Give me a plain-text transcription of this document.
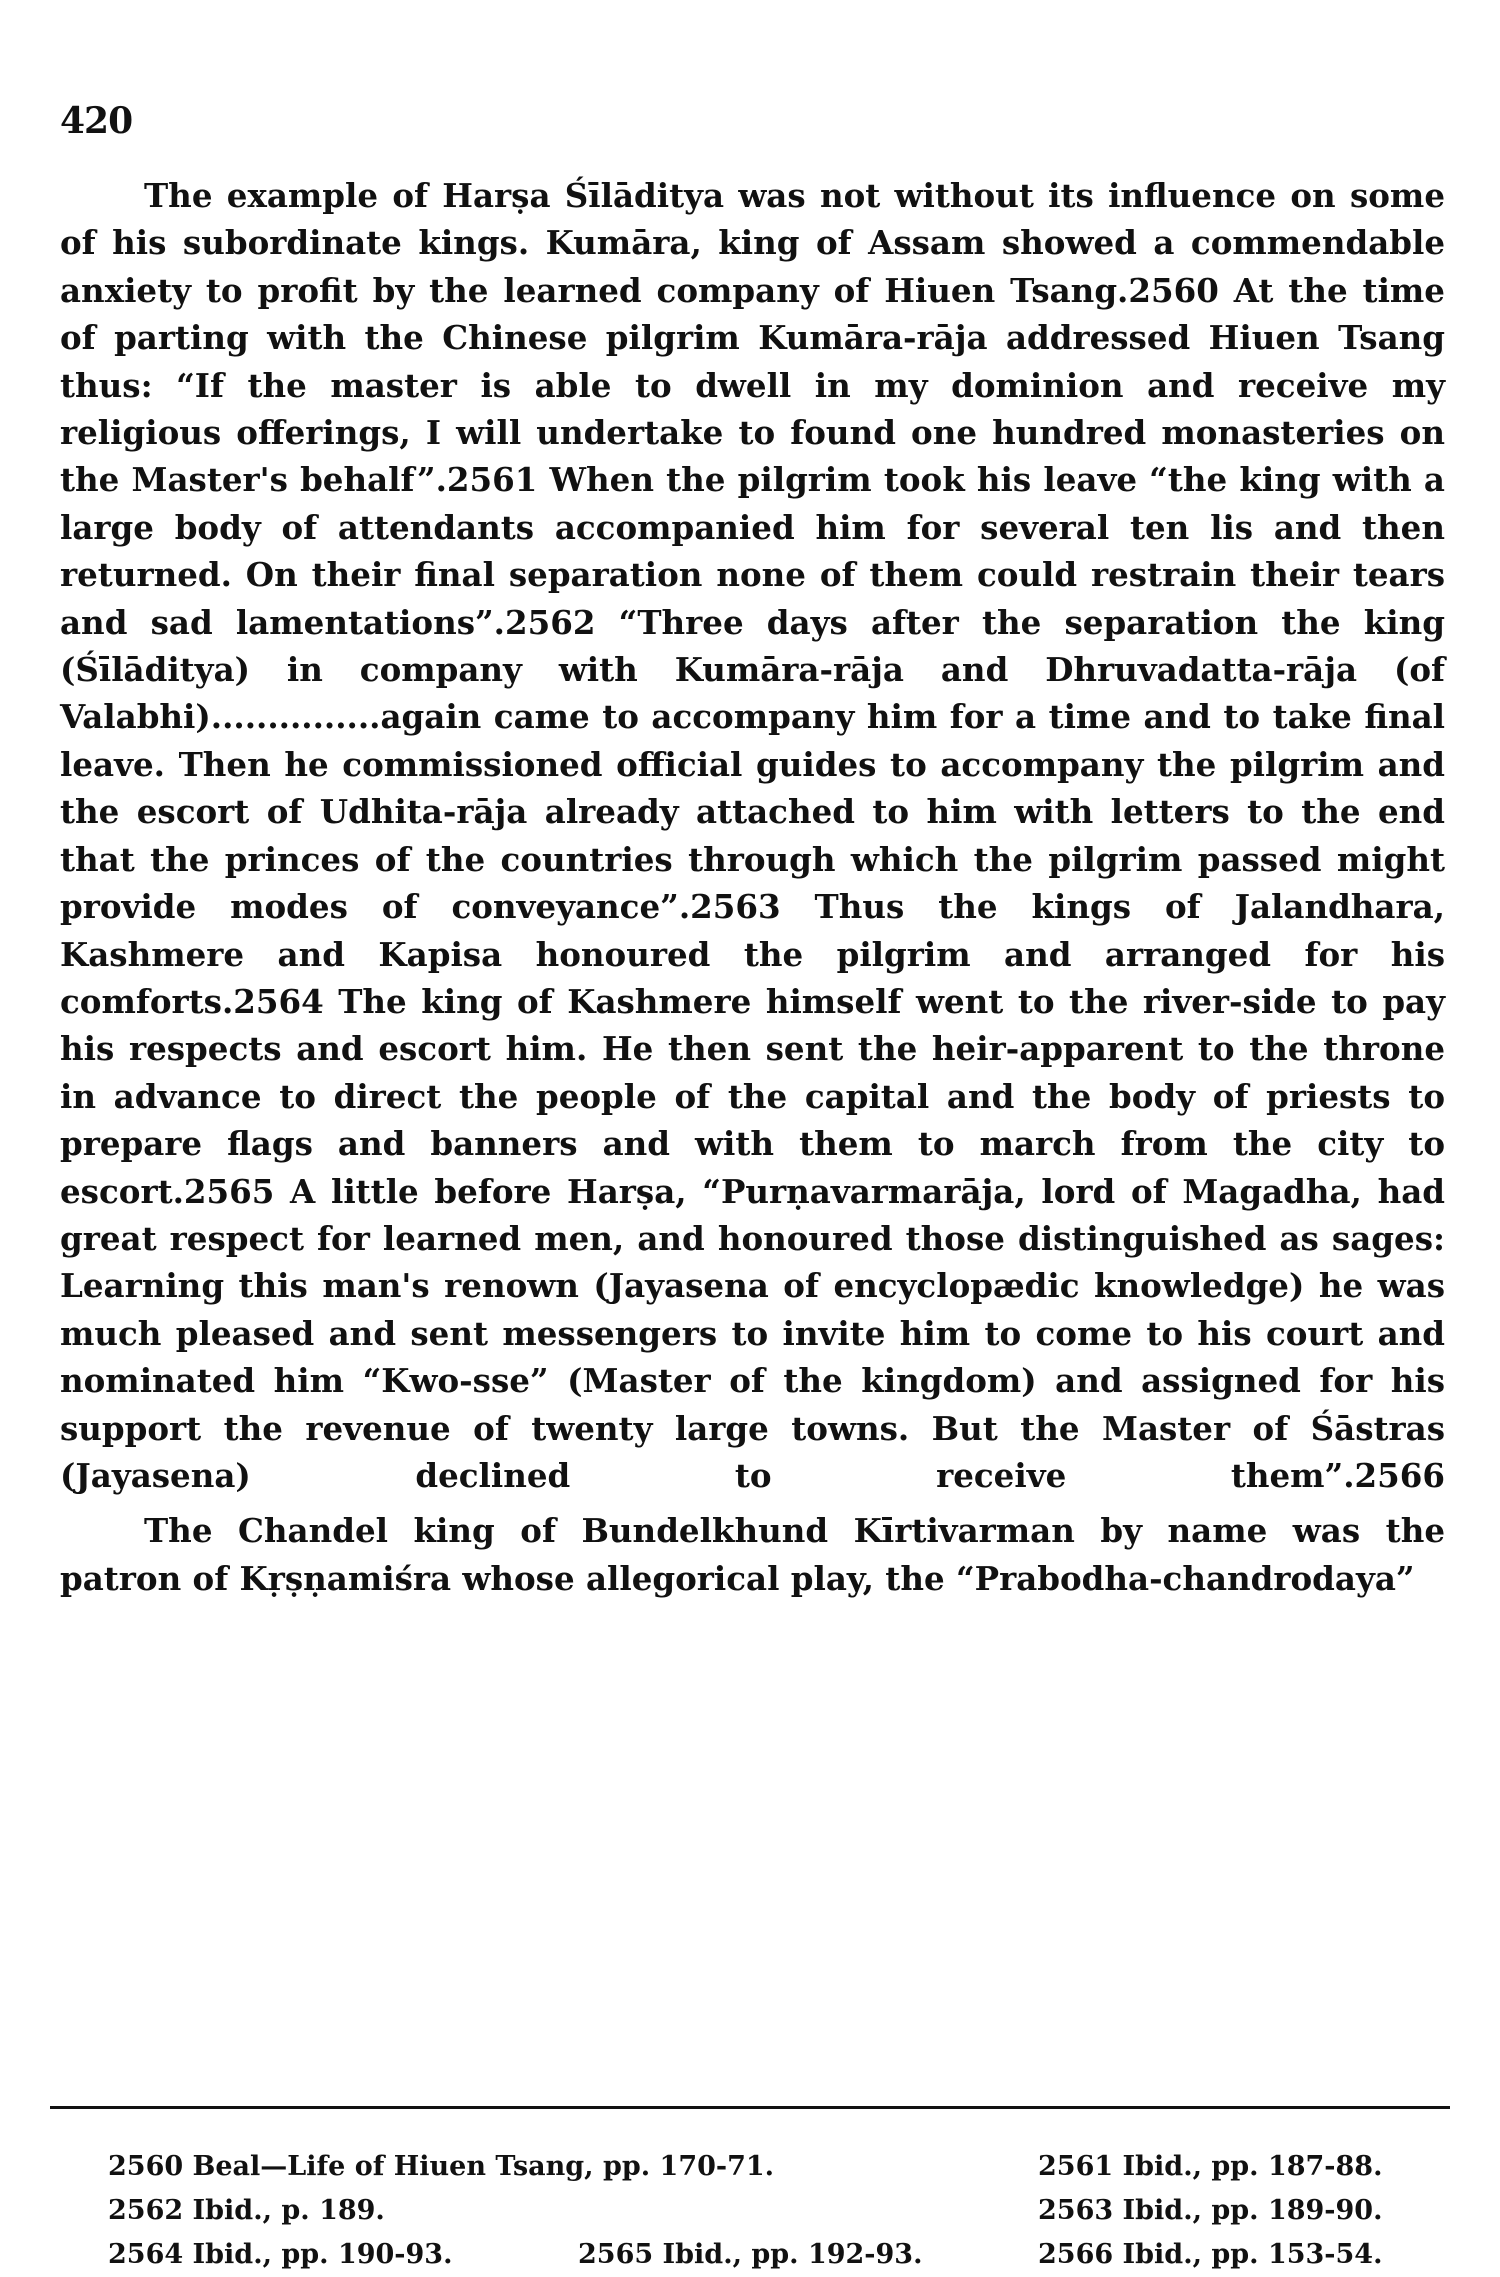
420

The example of Harṣa Śīlāditya was not without its influence on some of his subordinate kings. Kumāra, king of Assam showed a commendable anxiety to profit by the learned company of Hiuen Tsang.2560 At the time of parting with the Chinese pilgrim Kumāra-rāja addressed Hiuen Tsang thus: “If the master is able to dwell in my dominion and receive my religious offerings, I will undertake to found one hundred monasteries on the Master's behalf”.2561 When the pilgrim took his leave “the king with a large body of attendants accompanied him for several ten lis and then returned. On their final separation none of them could restrain their tears and sad lamentations”.2562 “Three days after the separation the king (Śīlāditya) in company with Kumāra-rāja and Dhruvadatta-rāja (of Valabhi)...............again came to accompany him for a time and to take final leave. Then he commissioned official guides to accompany the pilgrim and the escort of Udhita-rāja already attached to him with letters to the end that the princes of the countries through which the pilgrim passed might provide modes of conveyance”.2563 Thus the kings of Jalandhara, Kashmere and Kapisa honoured the pilgrim and arranged for his comforts.2564 The king of Kashmere himself went to the river-side to pay his respects and escort him. He then sent the heir-apparent to the throne in advance to direct the people of the capital and the body of priests to prepare flags and banners and with them to march from the city to escort.2565 A little before Harṣa, “Purṇavarmarāja, lord of Magadha, had great respect for learned men, and honoured those distinguished as sages: Learning this man's renown (Jayasena of encyclopædic knowledge) he was much pleased and sent messengers to invite him to come to his court and nominated him “Kwo-sse” (Master of the kingdom) and assigned for his support the revenue of twenty large towns. But the Master of Śāstras (Jayasena) declined to receive them”.2566

The Chandel king of Bundelkhund Kīrtivarman by name was the patron of Kṛṣṇamiśra whose allegorical play, the “Prabodha-chandrodaya”

2560 Beal—Life of Hiuen Tsang, pp. 170-71.	2561 Ibid., pp. 187-88.
2562 Ibid., p. 189.	2563 Ibid., pp. 189-90.
2564 Ibid., pp. 190-93.	2565 Ibid., pp. 192-93.	2566 Ibid., pp. 153-54.
